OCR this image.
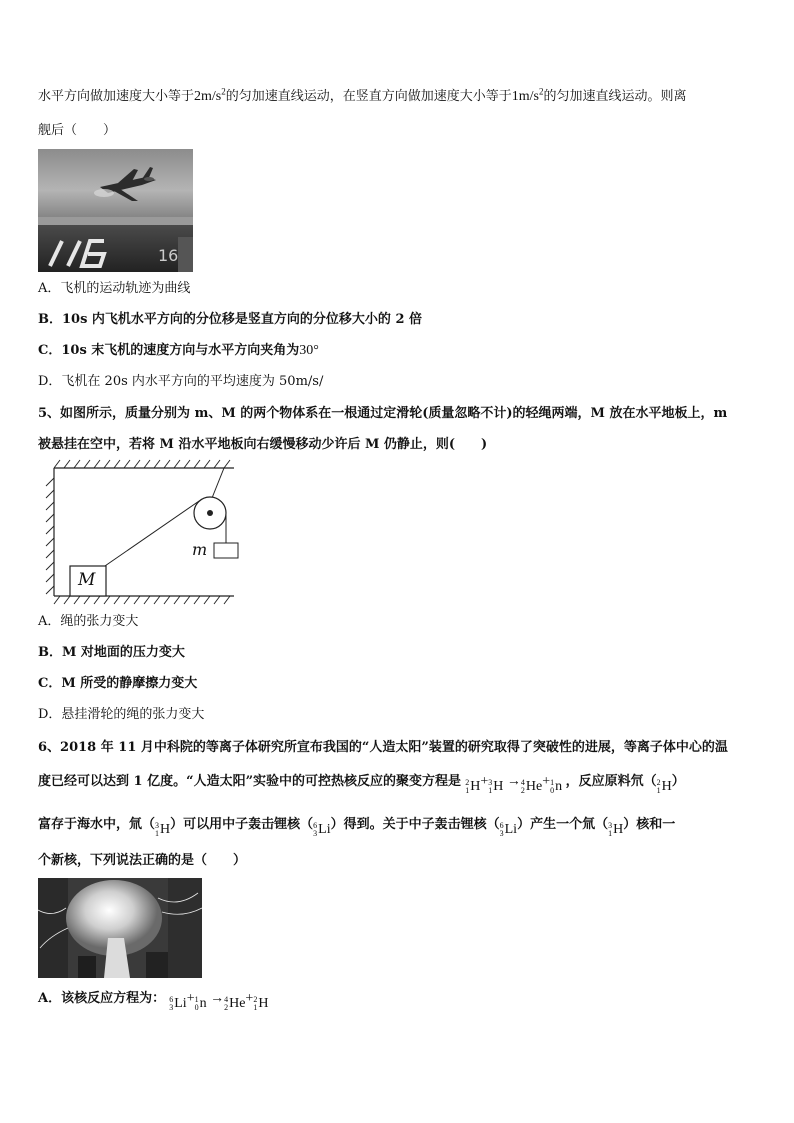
水平方向做加速度大小等于$2m/s^2$的匀加速直线运动，在竖直方向做加速度大小等于$1m/s^2$的匀加速直线运动。则离
舰后（　　）
16
A．飞机的运动轨迹为曲线
B．10s 内飞机水平方向的分位移是竖直方向的分位移大小的 2 倍
C．10s 末飞机的速度方向与水平方向夹角为30°
D．飞机在 20s 内水平方向的平均速度为 50m/s/
5、如图所示，质量分别为 m、M 的两个物体系在一根通过定滑轮(质量忽略不计)的轻绳两端，M 放在水平地板上，m
被悬挂在空中，若将 M 沿水平地板向右缓慢移动少许后 M 仍静止，则(　　)
M
m
A．绳的张力变大
B．M 对地面的压力变大
C．M 所受的静摩擦力变大
D．悬挂滑轮的绳的张力变大
6、2018 年 11 月中科院的等离子体研究所宣布我国的“人造太阳”装置的研究取得了突破性的进展，等离子体中心的温
度已经可以达到 1 亿度。“人造太阳”实验中的可控热核反应的聚变方程是 2
1 H + 3
1 H → 4
2 He + 1
0 n ，反应原料氘（ 2
1 H ）
富存于海水中，氚（ 3
1 H ）可以用中子轰击锂核（ 6
3 Li ）得到。关于中子轰击锂核（ 6
3 Li ）产生一个氚（ 3
1 H ）核和一
个新核，下列说法正确的是（　　）
A．该核反应方程为： 6
3 Li + 1
0 n → 4
2 He + 2
1 H
